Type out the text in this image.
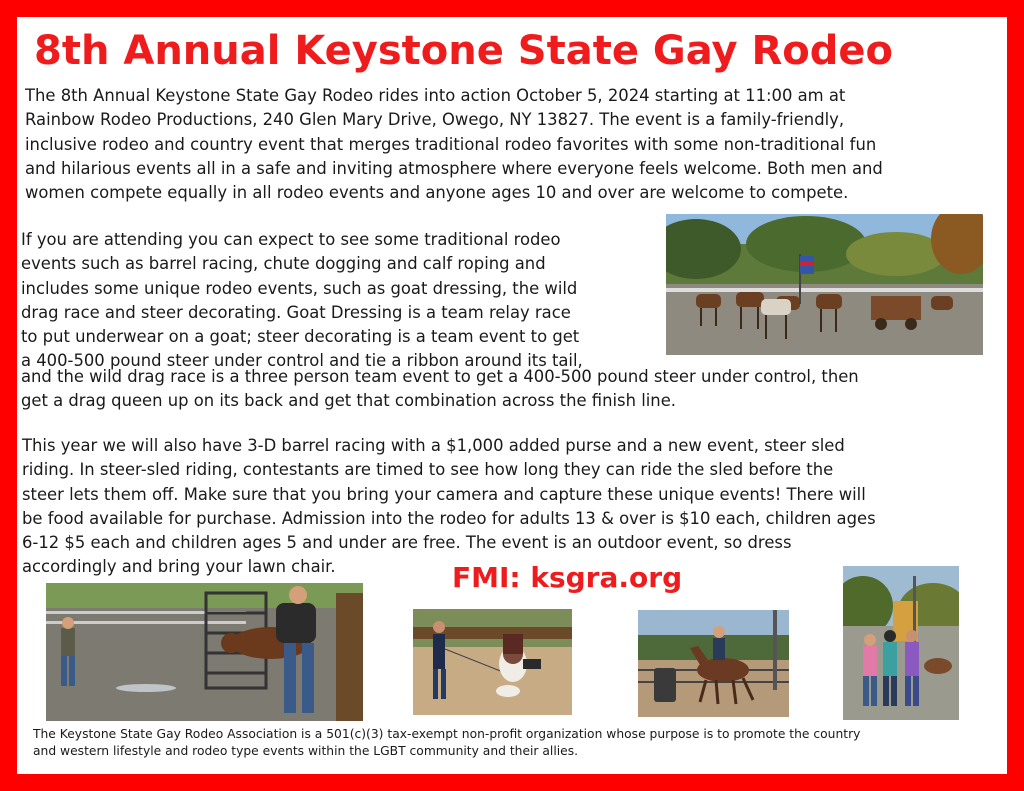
8th Annual Keystone State Gay Rodeo
The 8th Annual Keystone State Gay Rodeo rides into action October 5, 2024 starting at 11:00 am at
Rainbow Rodeo Productions, 240 Glen Mary Drive, Owego, NY 13827. The event is a family-friendly,
inclusive rodeo and country event that merges traditional rodeo favorites with some non-traditional fun
and hilarious events all in a safe and inviting atmosphere where everyone feels welcome. Both men and
women compete equally in all rodeo events and anyone ages 10 and over are welcome to compete.
If you are attending you can expect to see some traditional rodeo
events such as barrel racing, chute dogging and calf roping and
includes some unique rodeo events, such as goat dressing, the wild
drag race and steer decorating. Goat Dressing is a team relay race
to put underwear on a goat; steer decorating is a team event to get
a 400-500 pound steer under control and tie a ribbon around its tail,
and the wild drag race is a three person team event to get a 400-500 pound steer under control, then
get a drag queen up on its back and get that combination across the finish line.
This year we will also have 3-D barrel racing with a $1,000 added purse and a new event, steer sled
riding. In steer-sled riding, contestants are timed to see how long they can ride the sled before the
steer lets them off. Make sure that you bring your camera and capture these unique events! There will
be food available for purchase. Admission into the rodeo for adults 13 & over is $10 each, children ages
6-12 $5 each and children ages 5 and under are free. The event is an outdoor event, so dress
accordingly and bring your lawn chair.	FMI: ksgra.org
The Keystone State Gay Rodeo Association is a 501(c)(3) tax-exempt non-profit organization whose purpose is to promote the country
and western lifestyle and rodeo type events within the LGBT community and their allies.
